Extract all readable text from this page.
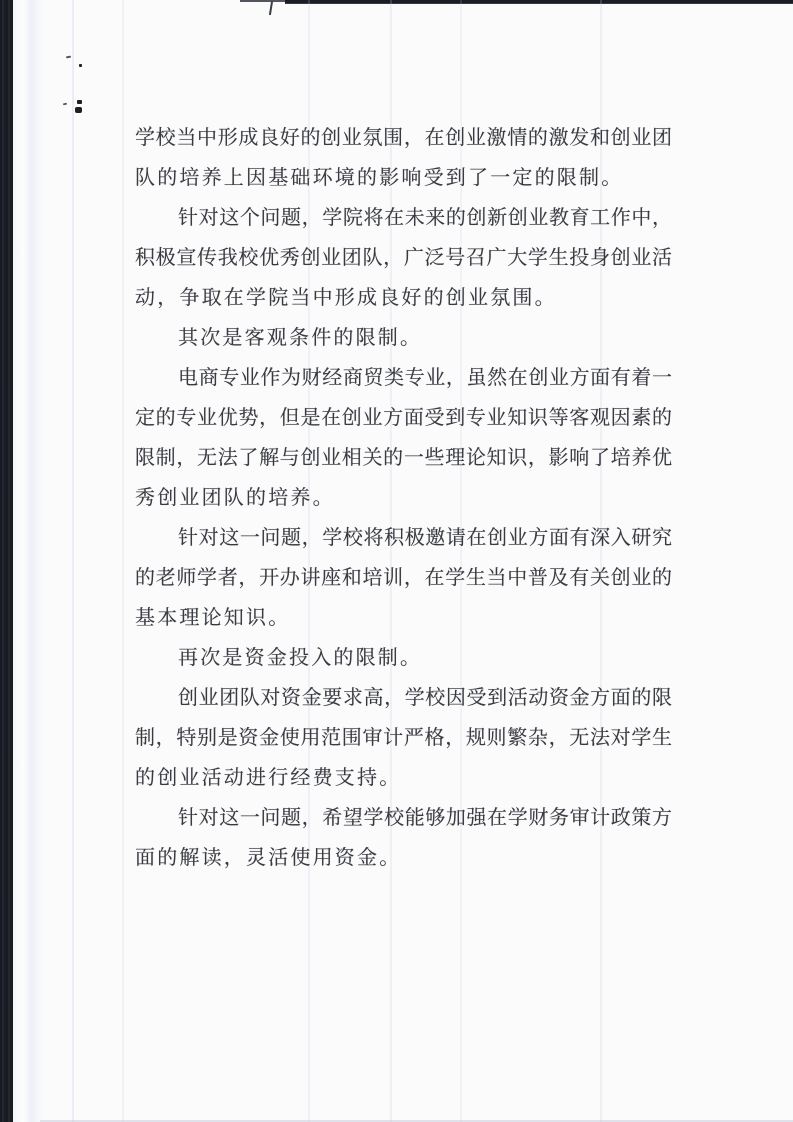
学校当中形成良好的创业氛围，在创业激情的激发和创业团
队的培养上因基础环境的影响受到了一定的限制。
针对这个问题，学院将在未来的创新创业教育工作中，
积极宣传我校优秀创业团队，广泛号召广大学生投身创业活
动，争取在学院当中形成良好的创业氛围。
其次是客观条件的限制。
电商专业作为财经商贸类专业，虽然在创业方面有着一
定的专业优势，但是在创业方面受到专业知识等客观因素的
限制，无法了解与创业相关的一些理论知识，影响了培养优
秀创业团队的培养。
针对这一问题，学校将积极邀请在创业方面有深入研究
的老师学者，开办讲座和培训，在学生当中普及有关创业的
基本理论知识。
再次是资金投入的限制。
创业团队对资金要求高，学校因受到活动资金方面的限
制，特别是资金使用范围审计严格，规则繁杂，无法对学生
的创业活动进行经费支持。
针对这一问题，希望学校能够加强在学财务审计政策方
面的解读，灵活使用资金。
